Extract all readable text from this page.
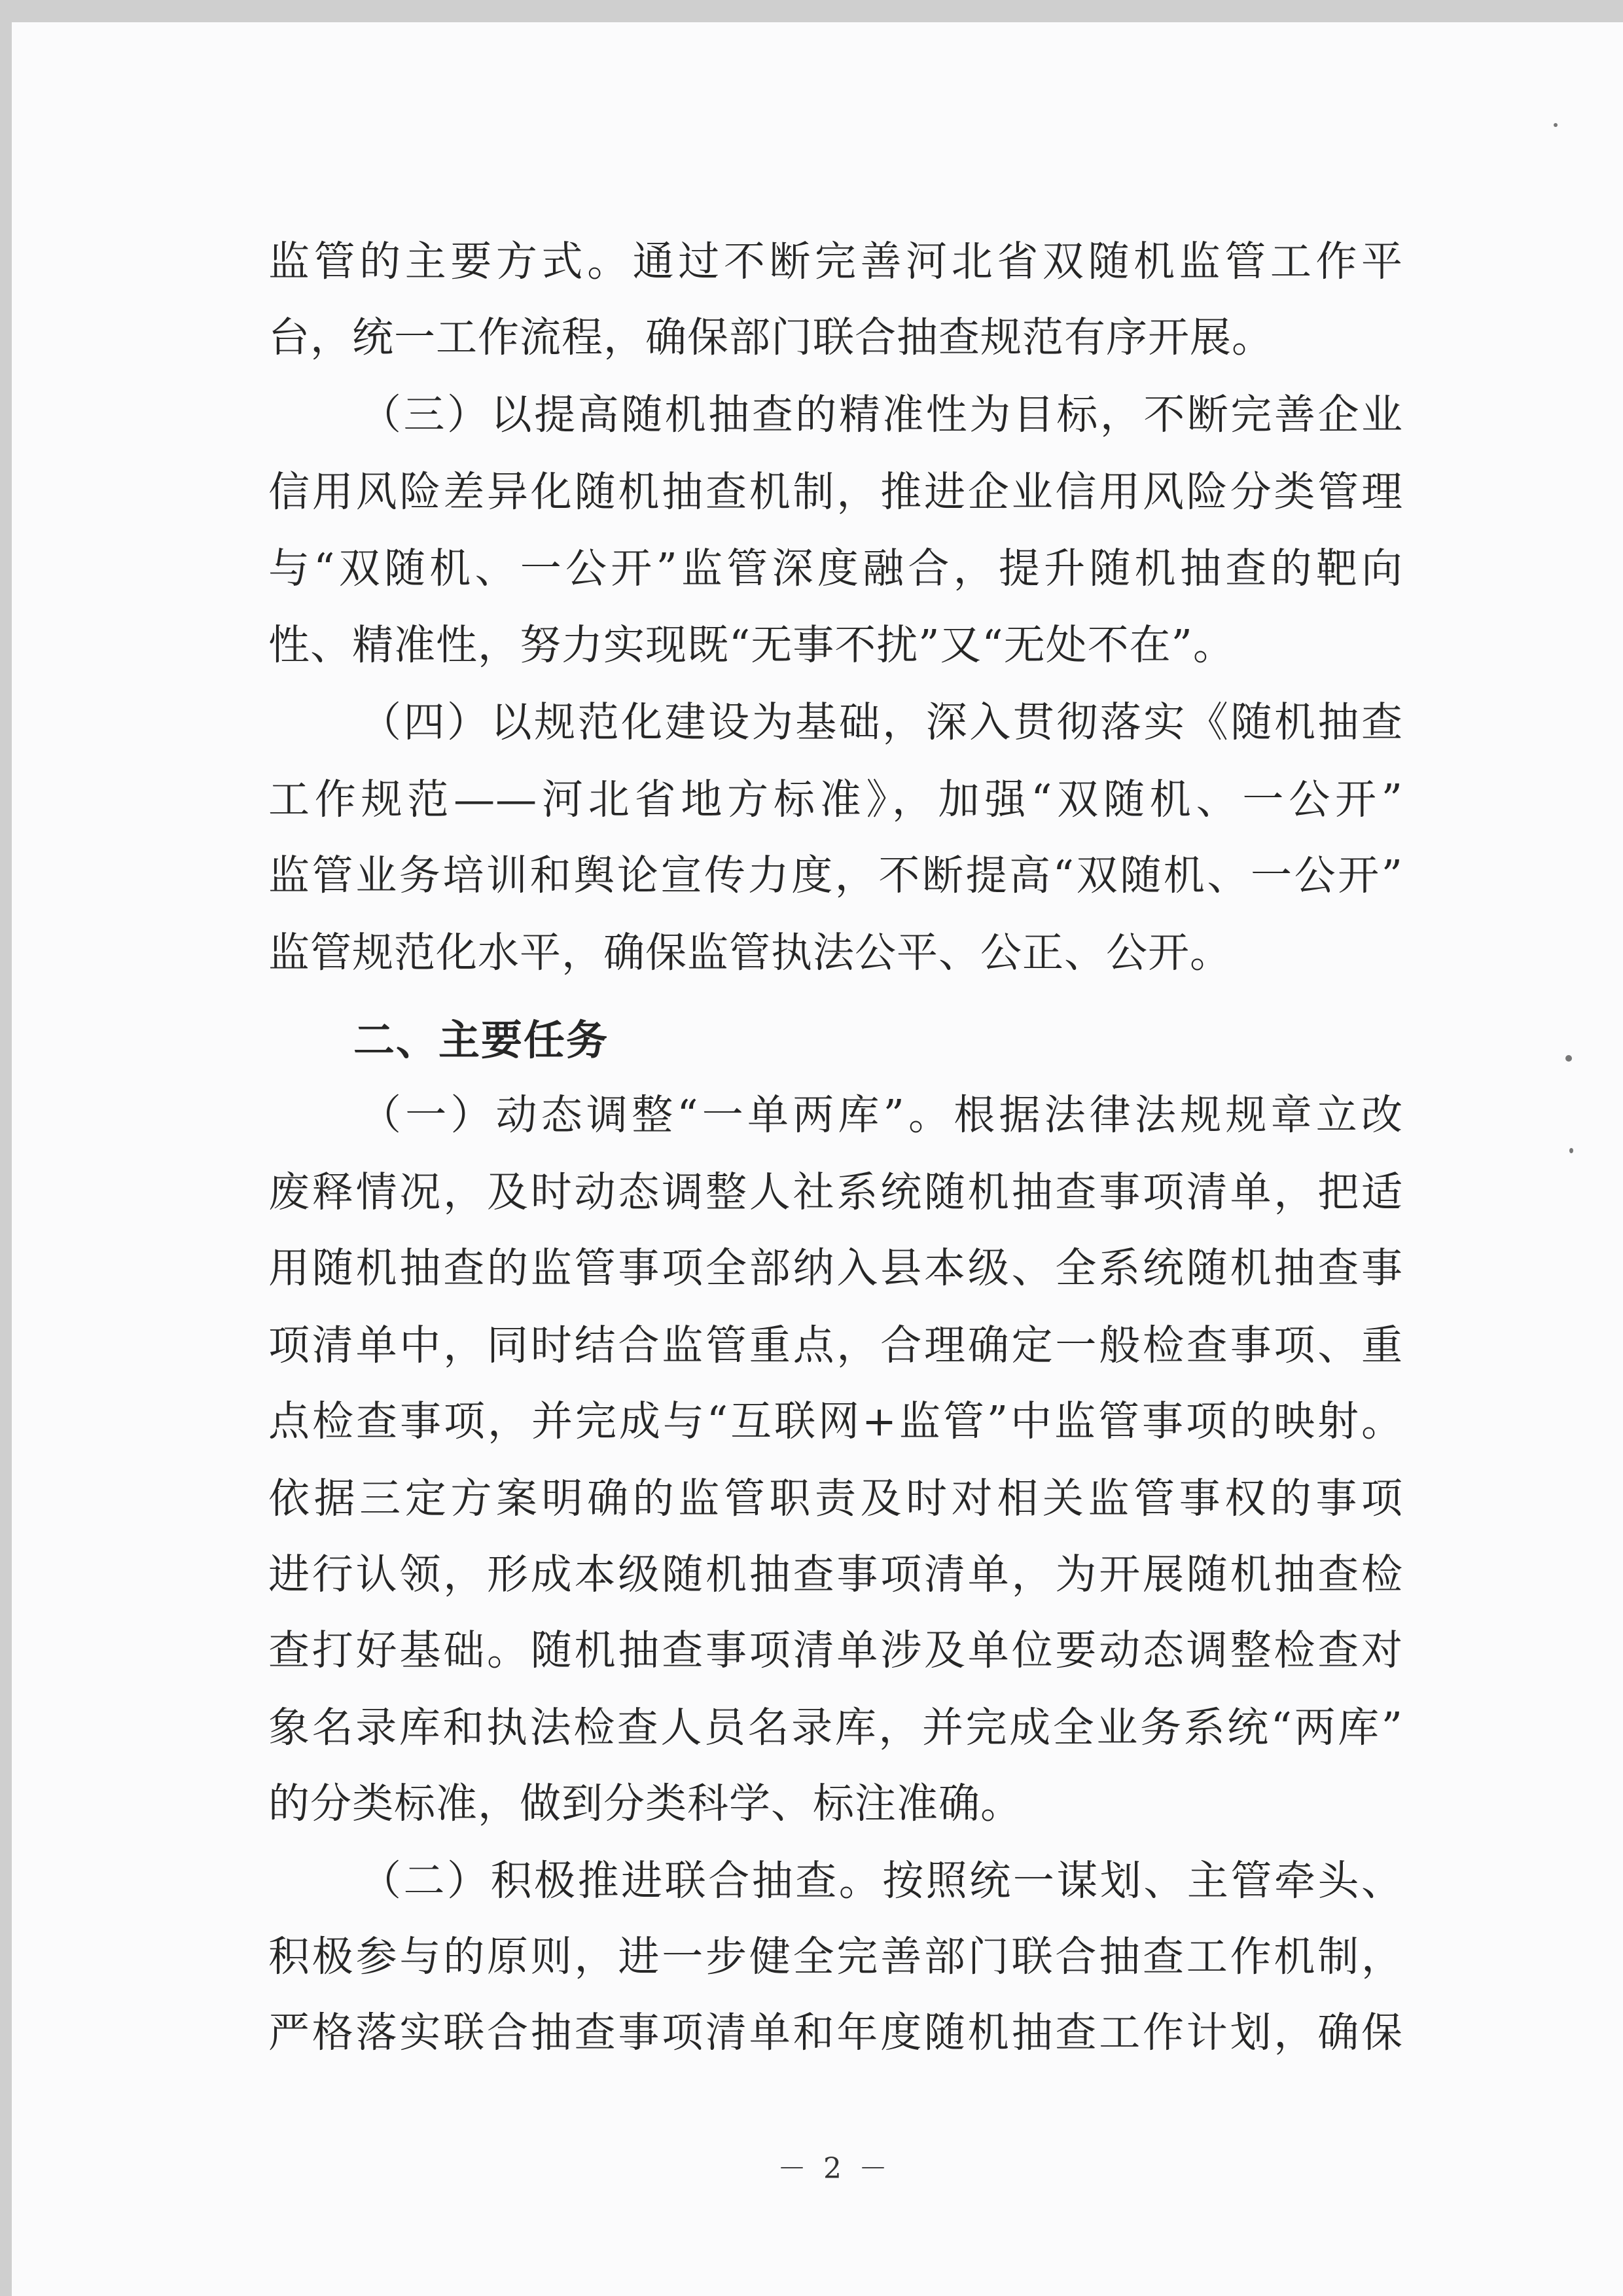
监管的主要方式。通过不断完善河北省双随机监管工作平
台，统一工作流程，确保部门联合抽查规范有序开展。
（三）以提高随机抽查的精准性为目标，不断完善企业
信用风险差异化随机抽查机制，推进企业信用风险分类管理
与“双随机、一公开”监管深度融合，提升随机抽查的靶向
性、精准性，努力实现既“无事不扰”又“无处不在”。
（四）以规范化建设为基础，深入贯彻落实《随机抽查
工作规范——河北省地方标准》，加强“双随机、一公开”
监管业务培训和舆论宣传力度，不断提高“双随机、一公开”
监管规范化水平，确保监管执法公平、公正、公开。
二、主要任务
（一）动态调整“一单两库”。根据法律法规规章立改
废释情况，及时动态调整人社系统随机抽查事项清单，把适
用随机抽查的监管事项全部纳入县本级、全系统随机抽查事
项清单中，同时结合监管重点，合理确定一般检查事项、重
点检查事项，并完成与“互联网+监管”中监管事项的映射。
依据三定方案明确的监管职责及时对相关监管事权的事项
进行认领，形成本级随机抽查事项清单，为开展随机抽查检
查打好基础。随机抽查事项清单涉及单位要动态调整检查对
象名录库和执法检查人员名录库，并完成全业务系统“两库”
的分类标准，做到分类科学、标注准确。
（二）积极推进联合抽查。按照统一谋划、主管牵头、
积极参与的原则，进一步健全完善部门联合抽查工作机制，
严格落实联合抽查事项清单和年度随机抽查工作计划，确保
－ 2 －
